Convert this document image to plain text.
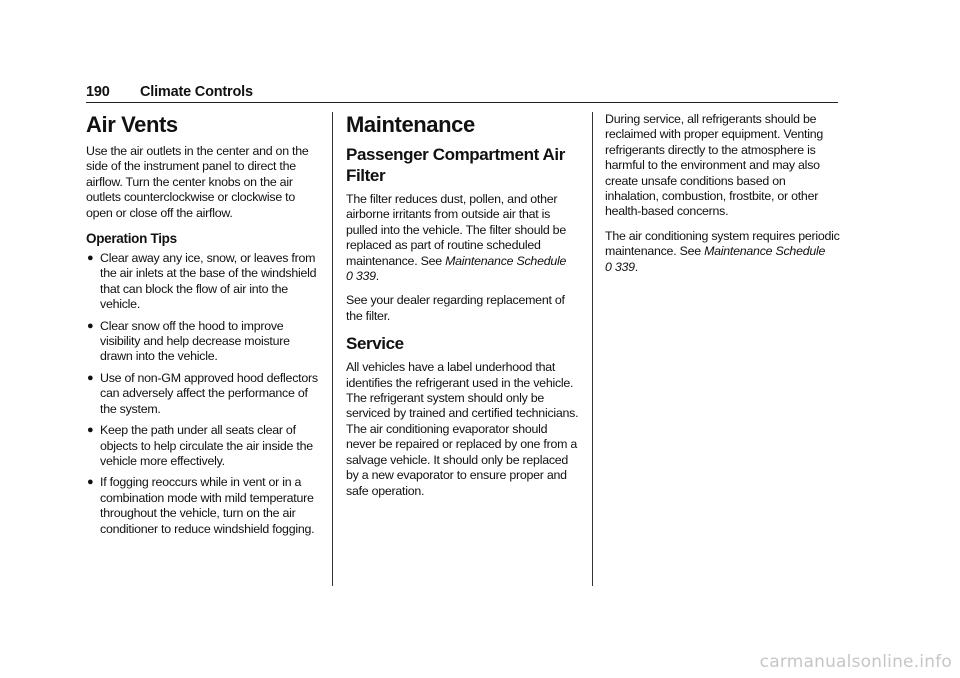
190 Climate Controls
Air Vents

Use the air outlets in the center and on the side of the instrument panel to direct the airflow. Turn the center knobs on the air outlets counterclockwise or clockwise to open or close off the airflow.

Operation Tips
● Clear away any ice, snow, or leaves from the air inlets at the base of the windshield that can block the flow of air into the vehicle.
● Clear snow off the hood to improve visibility and help decrease moisture drawn into the vehicle.
● Use of non-GM approved hood deflectors can adversely affect the performance of the system.
● Keep the path under all seats clear of objects to help circulate the air inside the vehicle more effectively.
● If fogging reoccurs while in vent or in a combination mode with mild temperature throughout the vehicle, turn on the air conditioner to reduce windshield fogging.
Maintenance
Passenger Compartment Air Filter

The filter reduces dust, pollen, and other airborne irritants from outside air that is pulled into the vehicle. The filter should be replaced as part of routine scheduled maintenance. See Maintenance Schedule
0 339.

See your dealer regarding replacement of the filter.

Service

All vehicles have a label underhood that identifies the refrigerant used in the vehicle. The refrigerant system should only be serviced by trained and certified technicians. The air conditioning evaporator should never be repaired or replaced by one from a salvage vehicle. It should only be replaced by a new evaporator to ensure proper and safe operation.

During service, all refrigerants should be reclaimed with proper equipment. Venting refrigerants directly to the atmosphere is harmful to the environment and may also create unsafe conditions based on inhalation, combustion, frostbite, or other health-based concerns.

The air conditioning system requires periodic maintenance. See Maintenance Schedule
0 339.

carmanualsonline.info
